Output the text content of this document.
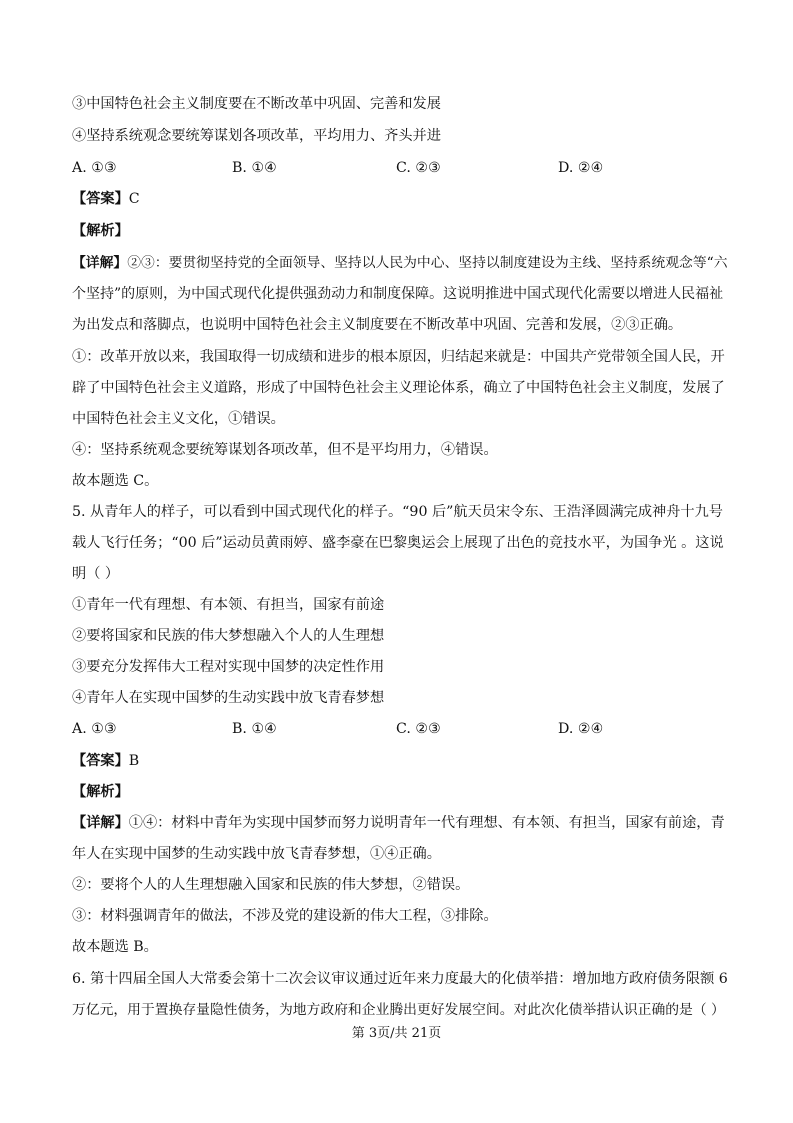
③中国特色社会主义制度要在不断改革中巩固、完善和发展
④坚持系统观念要统筹谋划各项改革，平均用力、齐头并进
A. ①③	B. ①④	C. ②③	D. ②④
【答案】C
【解析】
【详解】②③：要贯彻坚持党的全面领导、坚持以人民为中心、坚持以制度建设为主线、坚持系统观念等“六
个坚持”的原则，为中国式现代化提供强劲动力和制度保障。这说明推进中国式现代化需要以增进人民福祉
为出发点和落脚点，也说明中国特色社会主义制度要在不断改革中巩固、完善和发展，②③正确。
①：改革开放以来，我国取得一切成绩和进步的根本原因，归结起来就是：中国共产党带领全国人民，开
辟了中国特色社会主义道路，形成了中国特色社会主义理论体系，确立了中国特色社会主义制度，发展了
中国特色社会主义文化，①错误。
④：坚持系统观念要统筹谋划各项改革，但不是平均用力，④错误。
故本题选 C。
5. 从青年人的样子，可以看到中国式现代化的样子。“90 后”航天员宋令东、王浩泽圆满完成神舟十九号
载人飞行任务；“00 后”运动员黄雨婷、盛李豪在巴黎奥运会上展现了出色的竞技水平，为国争光 。这说
明（ ）
①青年一代有理想、有本领、有担当，国家有前途
②要将国家和民族的伟大梦想融入个人的人生理想
③要充分发挥伟大工程对实现中国梦的决定性作用
④青年人在实现中国梦的生动实践中放飞青春梦想
A. ①③	B. ①④	C. ②③	D. ②④
【答案】B
【解析】
【详解】①④：材料中青年为实现中国梦而努力说明青年一代有理想、有本领、有担当，国家有前途，青
年人在实现中国梦的生动实践中放飞青春梦想，①④正确。
②：要将个人的人生理想融入国家和民族的伟大梦想，②错误。
③：材料强调青年的做法，不涉及党的建设新的伟大工程，③排除。
故本题选 B。
6. 第十四届全国人大常委会第十二次会议审议通过近年来力度最大的化债举措：增加地方政府债务限额 6
万亿元，用于置换存量隐性债务，为地方政府和企业腾出更好发展空间。对此次化债举措认识正确的是（ ）
第 3页/共 21页
